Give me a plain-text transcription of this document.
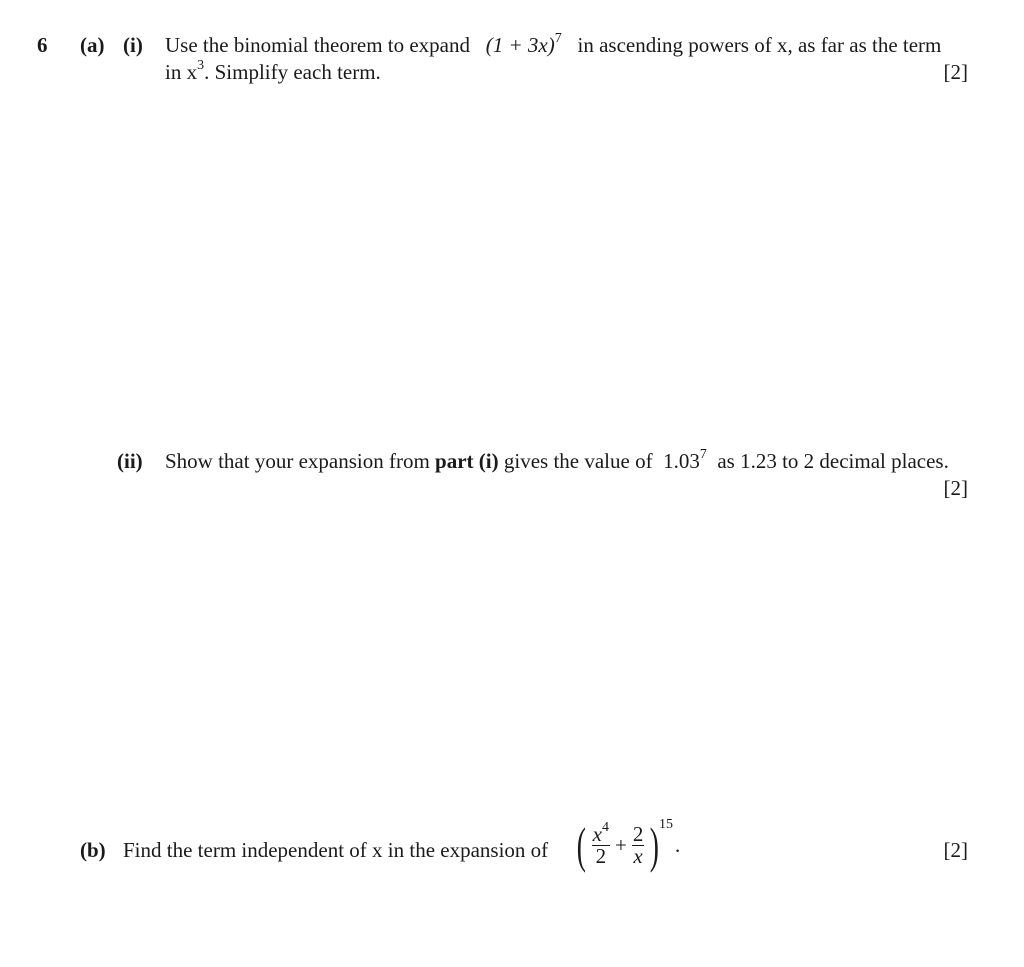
6 (a) (i) Use the binomial theorem to expand $(1 + 3x)^7$ in ascending powers of x, as far as the term
in $x^3$. Simplify each term.	[2]
(ii) Show that your expansion from part (i) gives the value of 1.03$^7$ as 1.23 to 2 decimal places.
[2]
(b) Find the term independent of x in the expansion of ( $\frac{x^4}{2} + \frac{2}{x}$ ) 15
.	[2]
